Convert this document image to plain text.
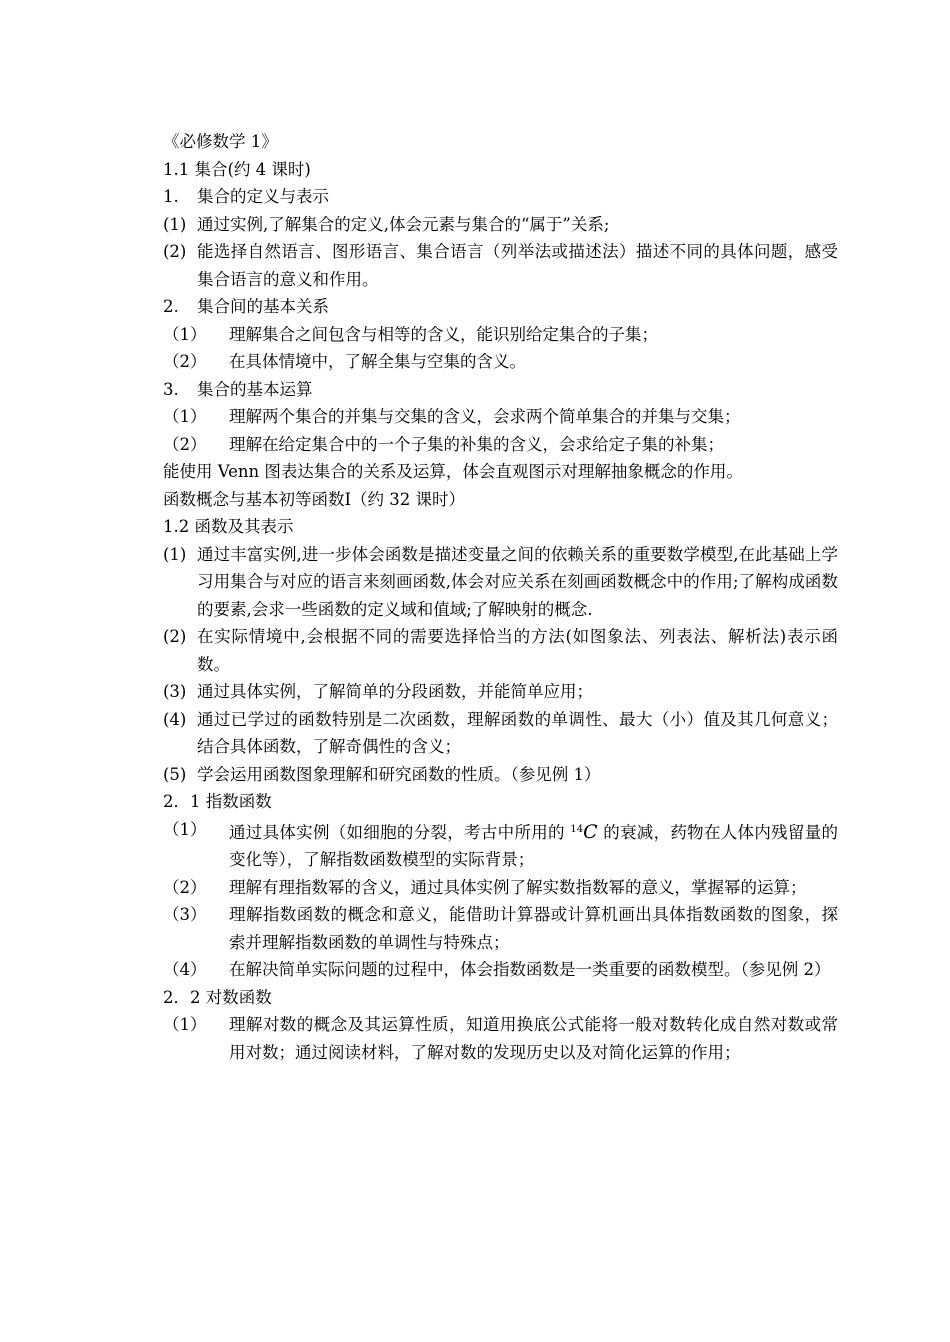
《必修数学 1》
1.1 集合(约 4 课时)
1.	集合的定义与表示
(1) 通过实例,了解集合的定义,体会元素与集合的“属于”关系;
(2) 能选择自然语言、图形语言、集合语言（列举法或描述法）描述不同的具体问题，感受集合语言的意义和作用。
2.	集合间的基本关系
（1）	理解集合之间包含与相等的含义，能识别给定集合的子集；
（2）	在具体情境中，了解全集与空集的含义。
3.	集合的基本运算
（1）	理解两个集合的并集与交集的含义，会求两个简单集合的并集与交集；
（2）	理解在给定集合中的一个子集的补集的含义，会求给定子集的补集；
能使用 Venn 图表达集合的关系及运算，体会直观图示对理解抽象概念的作用。
函数概念与基本初等函数Ⅰ（约 32 课时）
1.2 函数及其表示
(1) 通过丰富实例,进一步体会函数是描述变量之间的依赖关系的重要数学模型,在此基础上学习用集合与对应的语言来刻画函数,体会对应关系在刻画函数概念中的作用;了解构成函数的要素,会求一些函数的定义域和值域;了解映射的概念.
(2) 在实际情境中,会根据不同的需要选择恰当的方法(如图象法、列表法、解析法)表示函数。
(3) 通过具体实例，了解简单的分段函数，并能简单应用；
(4) 通过已学过的函数特别是二次函数，理解函数的单调性、最大（小）值及其几何意义；结合具体函数，了解奇偶性的含义；
(5) 学会运用函数图象理解和研究函数的性质。（参见例 1）
2．1 指数函数
（1）	通过具体实例（如细胞的分裂，考古中所用的 $^{14}$C 的衰减，药物在人体内残留量的变化等），了解指数函数模型的实际背景；
（2）	理解有理指数幂的含义，通过具体实例了解实数指数幂的意义，掌握幂的运算；
（3）	理解指数函数的概念和意义，能借助计算器或计算机画出具体指数函数的图象，探索并理解指数函数的单调性与特殊点；
（4）	在解决简单实际问题的过程中，体会指数函数是一类重要的函数模型。（参见例 2）
2．2 对数函数
（1）	理解对数的概念及其运算性质，知道用换底公式能将一般对数转化成自然对数或常用对数；通过阅读材料，了解对数的发现历史以及对简化运算的作用；
